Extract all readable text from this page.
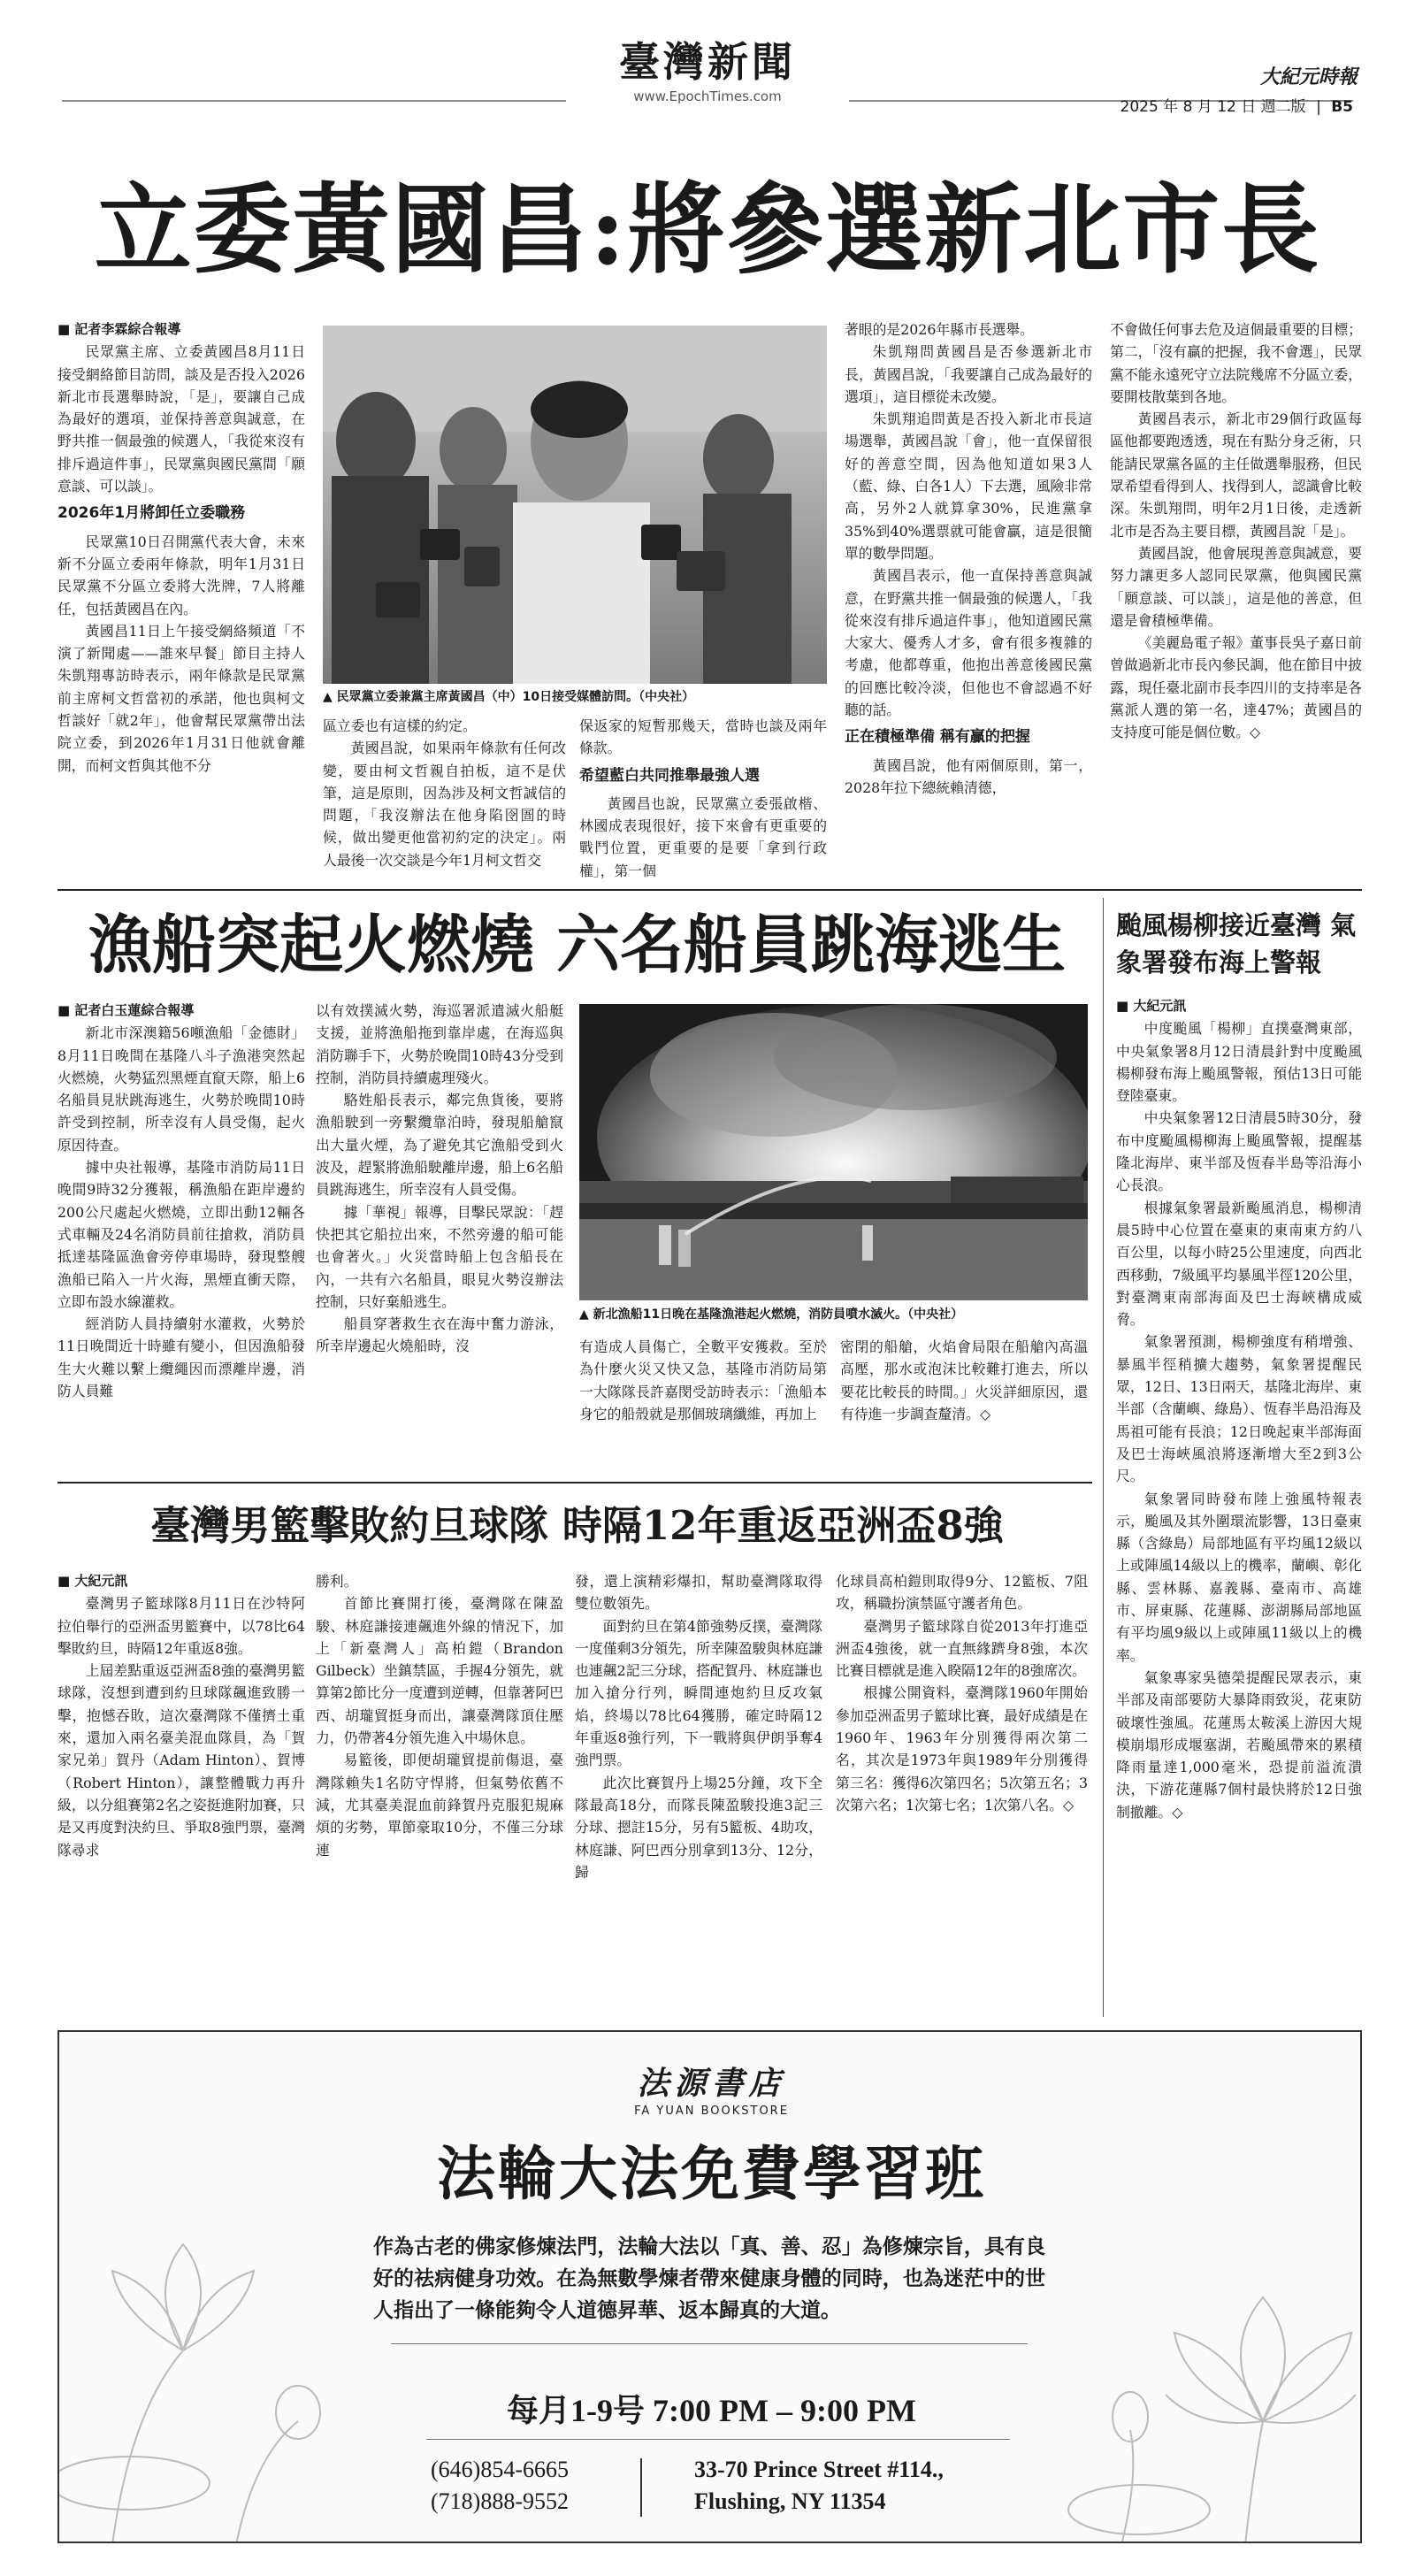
臺灣新聞
www.EpochTimes.com
大紀元時報
2025 年 8 月 12 日 週二版 | B5
立委黃國昌:將參選新北市長

■ 記者李霖綜合報導

民眾黨主席、立委黃國昌8月11日接受網絡節目訪問，談及是否投入2026新北市長選舉時說，「是」，要讓自己成為最好的選項，並保持善意與誠意，在野共推一個最強的候選人，「我從來沒有排斥過這件事」，民眾黨與國民黨間「願意談、可以談」。

2026年1月將卸任立委職務

民眾黨10日召開黨代表大會，未來新不分區立委兩年條款，明年1月31日民眾黨不分區立委將大洗牌，7人將離任，包括黃國昌在內。

黃國昌11日上午接受網絡頻道「不演了新聞處——誰來早餐」節目主持人朱凱翔專訪時表示，兩年條款是民眾黨前主席柯文哲當初的承諾，他也與柯文哲談好「就2年」，他會幫民眾黨帶出法院立委，到2026年1月31日他就會離開，而柯文哲與其他不分

▲ 民眾黨立委兼黨主席黃國昌（中）10日接受媒體訪問。（中央社）

區立委也有這樣的約定。

黃國昌說，如果兩年條款有任何改變，要由柯文哲親自拍板，這不是伏筆，這是原則，因為涉及柯文哲誠信的問題，「我沒辦法在他身陷囹圄的時候，做出變更他當初約定的決定」。兩人最後一次交談是今年1月柯文哲交

保返家的短暫那幾天，當時也談及兩年條款。

希望藍白共同推舉最強人選

黃國昌也說，民眾黨立委張啟楷、林國成表現很好，接下來會有更重要的戰鬥位置，更重要的是要「拿到行政權」，第一個

著眼的是2026年縣市長選舉。

朱凱翔問黃國昌是否參選新北市長，黃國昌說，「我要讓自己成為最好的選項」，這目標從未改變。

朱凱翔追問黃是否投入新北市長這場選舉，黃國昌說「會」，他一直保留很好的善意空間，因為他知道如果3人（藍、綠、白各1人）下去選，風險非常高，另外2人就算拿30%，民進黨拿35%到40%選票就可能會贏，這是很簡單的數學問題。

黃國昌表示，他一直保持善意與誠意，在野黨共推一個最強的候選人，「我從來沒有排斥過這件事」，他知道國民黨大家大、優秀人才多，會有很多複雜的考慮，他都尊重，他抱出善意後國民黨的回應比較冷淡，但他也不會認過不好聽的話。

正在積極準備 稱有贏的把握

黃國昌說，他有兩個原則，第一，2028年拉下總統賴清德，

不會做任何事去危及這個最重要的目標；第二，「沒有贏的把握，我不會選」，民眾黨不能永遠死守立法院幾席不分區立委，要開枝散葉到各地。

黃國昌表示，新北市29個行政區每區他都要跑透透，現在有點分身乏術，只能請民眾黨各區的主任做選舉服務，但民眾希望看得到人、找得到人，認識會比較深。朱凱翔問，明年2月1日後，走透新北市是否為主要目標，黃國昌說「是」。

黃國昌說，他會展現善意與誠意，要努力讓更多人認同民眾黨，他與國民黨「願意談、可以談」，這是他的善意，但還是會積極準備。

《美麗島電子報》董事長吳子嘉日前曾做過新北市長內參民調，他在節目中披露，現任臺北副市長李四川的支持率是各黨派人選的第一名，達47%；黃國昌的支持度可能是個位數。◇

漁船突起火燃燒 六名船員跳海逃生

■ 記者白玉蓮綜合報導

新北市深澳籍56噸漁船「金德財」8月11日晚間在基隆八斗子漁港突然起火燃燒，火勢猛烈黑煙直竄天際，船上6名船員見狀跳海逃生，火勢於晚間10時許受到控制，所幸沒有人員受傷，起火原因待查。

據中央社報導，基隆市消防局11日晚間9時32分獲報，稱漁船在距岸邊約200公尺處起火燃燒，立即出動12輛各式車輛及24名消防員前往搶救，消防員抵達基隆區漁會旁停車場時，發現整艘漁船已陷入一片火海，黑煙直衝天際，立即布設水線灌救。

經消防人員持續射水灌救，火勢於11日晚間近十時雖有變小，但因漁船發生大火難以繫上纜繩因而漂離岸邊，消防人員難

以有效撲滅火勢，海巡署派遣滅火船艇支援，並將漁船拖到靠岸處，在海巡與消防聯手下，火勢於晚間10時43分受到控制，消防員持續處理殘火。

駱姓船長表示，鄰完魚貨後，要將漁船駛到一旁繫纜靠泊時，發現船艙竄出大量火煙，為了避免其它漁船受到火波及，趕緊將漁船駛離岸邊，船上6名船員跳海逃生，所幸沒有人員受傷。

據「華視」報導，目擊民眾說：「趕快把其它船拉出來，不然旁邊的船可能也會著火。」火災當時船上包含船長在內，一共有六名船員，眼見火勢沒辦法控制，只好棄船逃生。

船員穿著救生衣在海中奮力游泳，所幸岸邊起火燒船時，沒

▲ 新北漁船11日晚在基隆漁港起火燃燒，消防員噴水滅火。（中央社）

有造成人員傷亡，全數平安獲救。至於為什麼火災又快又急，基隆市消防局第一大隊隊長許嘉閔受訪時表示：「漁船本身它的船殼就是那個玻璃纖維，再加上

密閉的船艙，火焰會局限在船艙內高溫高壓，那水或泡沫比較難打進去，所以要花比較長的時間。」火災詳細原因，還有待進一步調查釐清。◇

颱風楊柳接近臺灣 氣象署發布海上警報

■ 大紀元訊

中度颱風「楊柳」直撲臺灣東部，中央氣象署8月12日清晨針對中度颱風楊柳發布海上颱風警報，預估13日可能登陸臺東。

中央氣象署12日清晨5時30分，發布中度颱風楊柳海上颱風警報，提醒基隆北海岸、東半部及恆春半島等沿海小心長浪。

根據氣象署最新颱風消息，楊柳清晨5時中心位置在臺東的東南東方約八百公里，以每小時25公里速度，向西北西移動，7級風平均暴風半徑120公里，對臺灣東南部海面及巴士海峽構成威脅。

氣象署預測，楊柳強度有稍增強、暴風半徑稍擴大趨勢，氣象署提醒民眾，12日、13日兩天，基隆北海岸、東半部（含蘭嶼、綠島）、恆春半島沿海及馬祖可能有長浪；12日晚起東半部海面及巴士海峽風浪將逐漸增大至2到3公尺。

氣象署同時發布陸上強風特報表示，颱風及其外圍環流影響，13日臺東縣（含綠島）局部地區有平均風12級以上或陣風14級以上的機率，蘭嶼、彰化縣、雲林縣、嘉義縣、臺南市、高雄市、屏東縣、花蓮縣、澎湖縣局部地區有平均風9級以上或陣風11級以上的機率。

氣象專家吳德榮提醒民眾表示，東半部及南部要防大暴降雨致災，花東防破壞性強風。花蓮馬太鞍溪上游因大規模崩塌形成堰塞湖，若颱風帶來的累積降雨量達1,000毫米，恐提前溢流潰決，下游花蓮縣7個村最快將於12日強制撤離。◇

臺灣男籃擊敗約旦球隊 時隔12年重返亞洲盃8強

■ 大紀元訊

臺灣男子籃球隊8月11日在沙特阿拉伯舉行的亞洲盃男籃賽中，以78比64擊敗約旦，時隔12年重返8強。

上屆差點重返亞洲盃8強的臺灣男籃球隊，沒想到遭到約旦球隊飆進致勝一擊，抱憾吞敗，這次臺灣隊不僅擠土重來，還加入兩名臺美混血隊員，為「賀家兄弟」賀丹（Adam Hinton）、賀博（Robert Hinton），讓整體戰力再升級，以分組賽第2名之姿挺進附加賽，只是又再度對決約旦、爭取8強門票，臺灣隊尋求

勝利。

首節比賽開打後，臺灣隊在陳盈駿、林庭謙接連飆進外線的情況下，加上「新臺灣人」高柏鎧（Brandon Gilbeck）坐鎮禁區，手握4分領先，就算第2節比分一度遭到逆轉，但靠著阿巴西、胡瓏貿挺身而出，讓臺灣隊頂住壓力，仍帶著4分領先進入中場休息。

易籃後，即便胡瓏貿提前傷退，臺灣隊賴失1名防守悍將，但氣勢依舊不減，尤其臺美混血前鋒賀丹克服犯規麻煩的劣勢，單節豪取10分，不僅三分球連

發，還上演精彩爆扣，幫助臺灣隊取得雙位數領先。

面對約旦在第4節強勢反撲，臺灣隊一度僅剩3分領先，所幸陳盈駿與林庭謙也連飆2記三分球，搭配賀丹、林庭謙也加入搶分行列，瞬間連炮約旦反攻氣焰，終場以78比64獲勝，確定時隔12年重返8強行列，下一戰將與伊朗爭奪4強門票。

此次比賽賀丹上場25分鐘，攻下全隊最高18分，而隊長陳盈駿投進3記三分球、摁註15分，另有5籃板、4助攻，林庭謙、阿巴西分別拿到13分、12分，歸

化球員高柏鎧則取得9分、12籃板、7阻攻，稱職扮演禁區守護者角色。

臺灣男子籃球隊自從2013年打進亞洲盃4強後，就一直無緣躋身8強，本次比賽目標就是進入睽隔12年的8強席次。

根據公開資料，臺灣隊1960年開始參加亞洲盃男子籃球比賽，最好成績是在1960年、1963年分別獲得兩次第二名，其次是1973年與1989年分別獲得第三名：獲得6次第四名；5次第五名；3次第六名；1次第七名；1次第八名。◇

法源書店
FA YUAN BOOKSTORE
法輪大法免費學習班
作為古老的佛家修煉法門，法輪大法以「真、善、忍」為修煉宗旨，具有良好的祛病健身功效。在為無數學煉者帶來健康身體的同時，也為迷茫中的世人指出了一條能夠令人道德昇華、返本歸真的大道。
每月1-9号 7:00 PM – 9:00 PM
(646)854-6665
(718)888-9552
33-70 Prince Street #114.,
Flushing, NY 11354
